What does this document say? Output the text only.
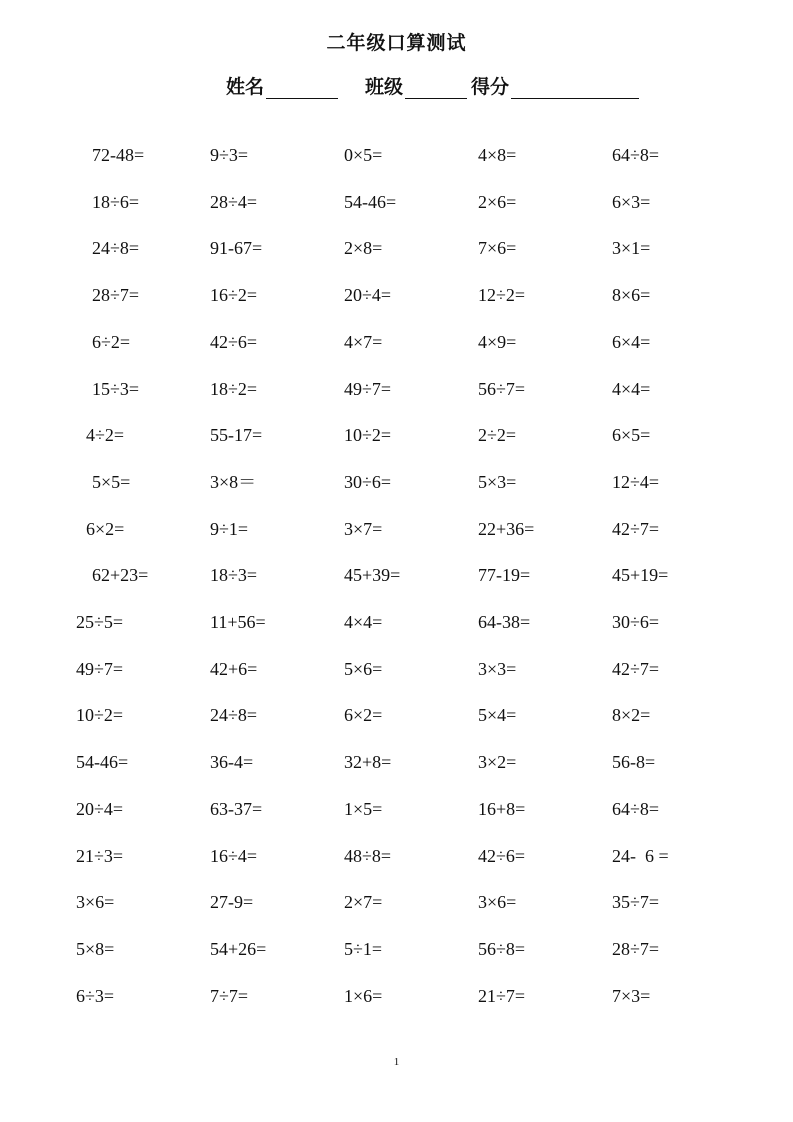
二年级口算测试
姓名	班级	得分
72-48=	9÷3=	0×5=	4×8=	64÷8=
18÷6=	28÷4=	54-46=	2×6=	6×3=
24÷8=	91-67=	2×8=	7×6=	3×1=
28÷7=	16÷2=	20÷4=	12÷2=	8×6=
6÷2=	42÷6=	4×7=	4×9=	6×4=
15÷3=	18÷2=	49÷7=	56÷7=	4×4=
4÷2=	55-17=	10÷2=	2÷2=	6×5=
5×5=	3×8＝	30÷6=	5×3=	12÷4=
6×2=	9÷1=	3×7=	22+36=	42÷7=
62+23=	18÷3=	45+39=	77-19=	45+19=
25÷5=	11+56=	4×4=	64-38=	30÷6=
49÷7=	42+6=	5×6=	3×3=	42÷7=
10÷2=	24÷8=	6×2=	5×4=	8×2=
54-46=	36-4=	32+8=	3×2=	56-8=
20÷4=	63-37=	1×5=	16+8=	64÷8=
21÷3=	16÷4=	48÷8=	42÷6=	24-  6 =
3×6=	27-9=	2×7=	3×6=	35÷7=
5×8=	54+26=	5÷1=	56÷8=	28÷7=
6÷3=	7÷7=	1×6=	21÷7=	7×3=
1
